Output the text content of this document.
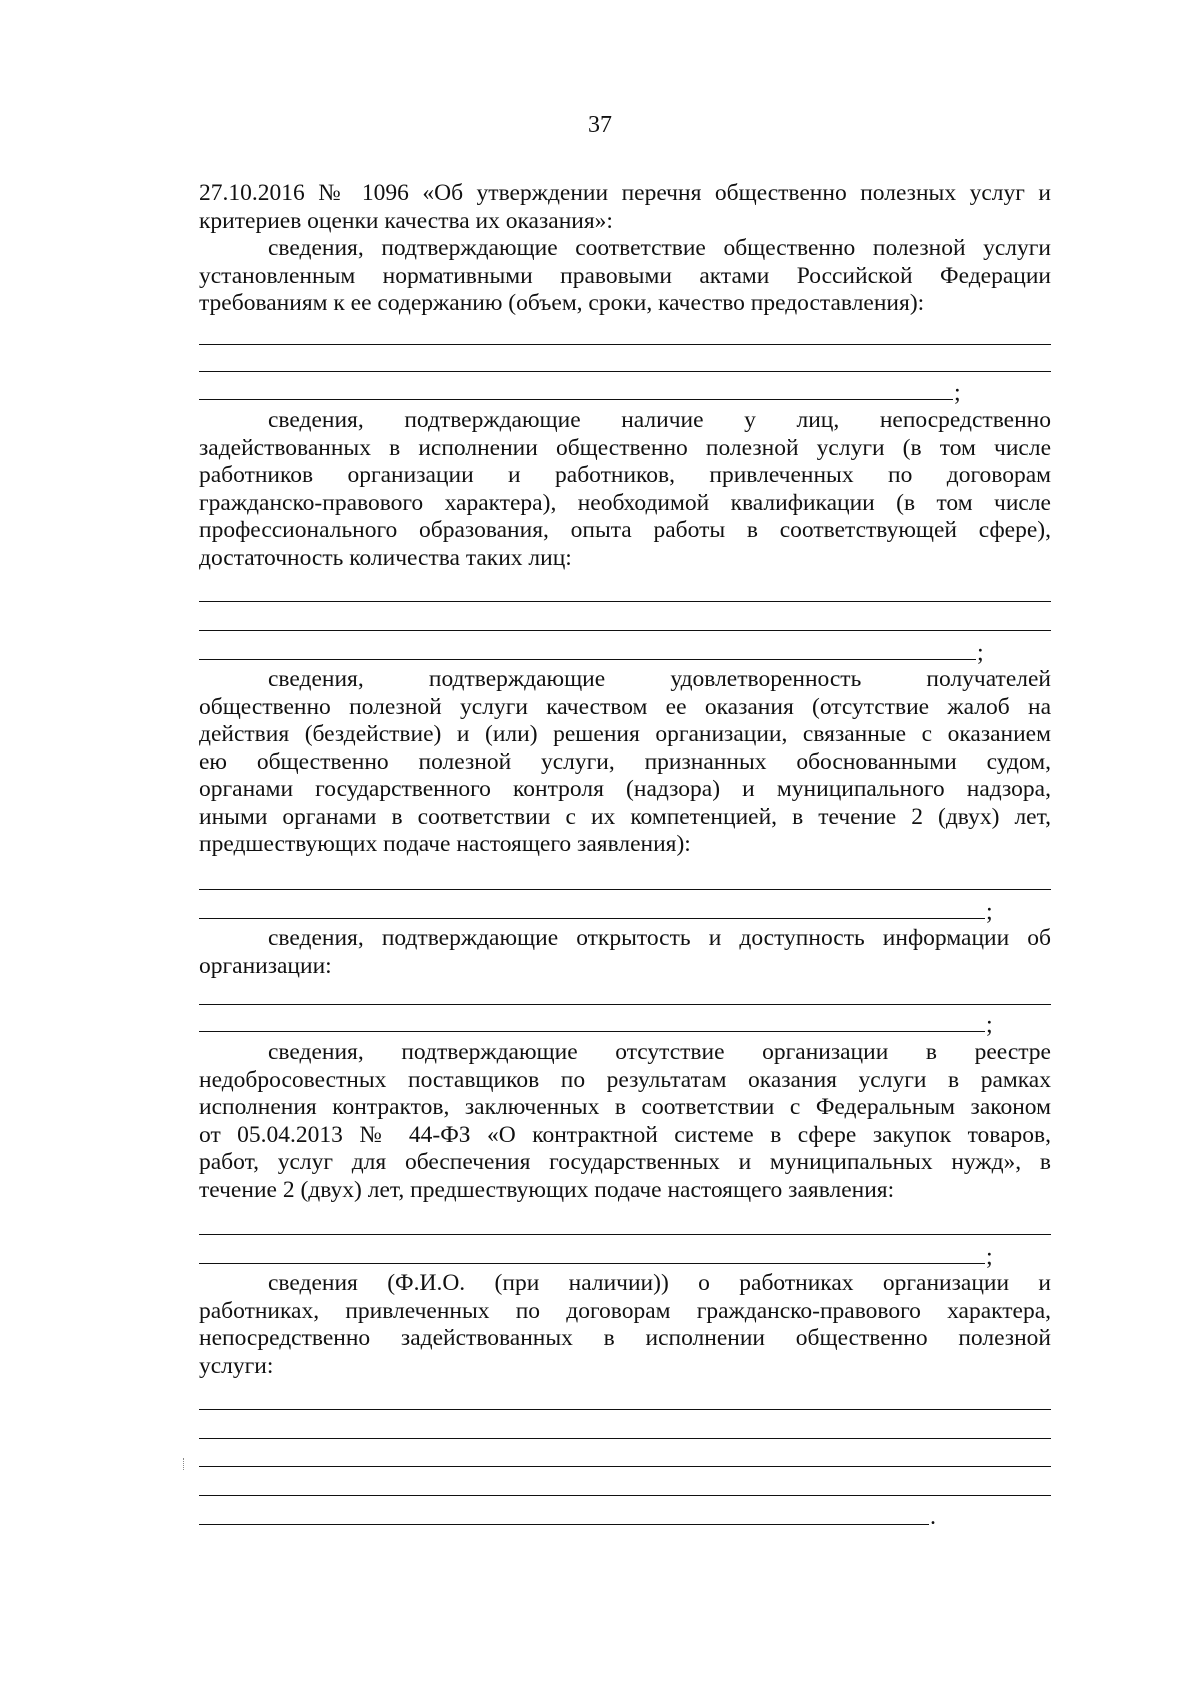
37
27.10.2016 № 1096 «Об утверждении перечня общественно полезных услуг и
критериев оценки качества их оказания»:
сведения, подтверждающие соответствие общественно полезной услуги
установленным нормативными правовыми актами Российской Федерации
требованиям к ее содержанию (объем, сроки, качество предоставления):
;
сведения, подтверждающие наличие у лиц, непосредственно
задействованных в исполнении общественно полезной услуги (в том числе
работников организации и работников, привлеченных по договорам
гражданско-правового характера), необходимой квалификации (в том числе
профессионального образования, опыта работы в соответствующей сфере),
достаточность количества таких лиц:
;
сведения, подтверждающие удовлетворенность получателей
общественно полезной услуги качеством ее оказания (отсутствие жалоб на
действия (бездействие) и (или) решения организации, связанные с оказанием
ею общественно полезной услуги, признанных обоснованными судом,
органами государственного контроля (надзора) и муниципального надзора,
иными органами в соответствии с их компетенцией, в течение 2 (двух) лет,
предшествующих подаче настоящего заявления):
;
сведения, подтверждающие открытость и доступность информации об
организации:
;
сведения, подтверждающие отсутствие организации в реестре
недобросовестных поставщиков по результатам оказания услуги в рамках
исполнения контрактов, заключенных в соответствии с Федеральным законом
от 05.04.2013 № 44-ФЗ «О контрактной системе в сфере закупок товаров,
работ, услуг для обеспечения государственных и муниципальных нужд», в
течение 2 (двух) лет, предшествующих подаче настоящего заявления:
;
сведения (Ф.И.О. (при наличии)) о работниках организации и
работниках, привлеченных по договорам гражданско-правового характера,
непосредственно задействованных в исполнении общественно полезной
услуги:
.
